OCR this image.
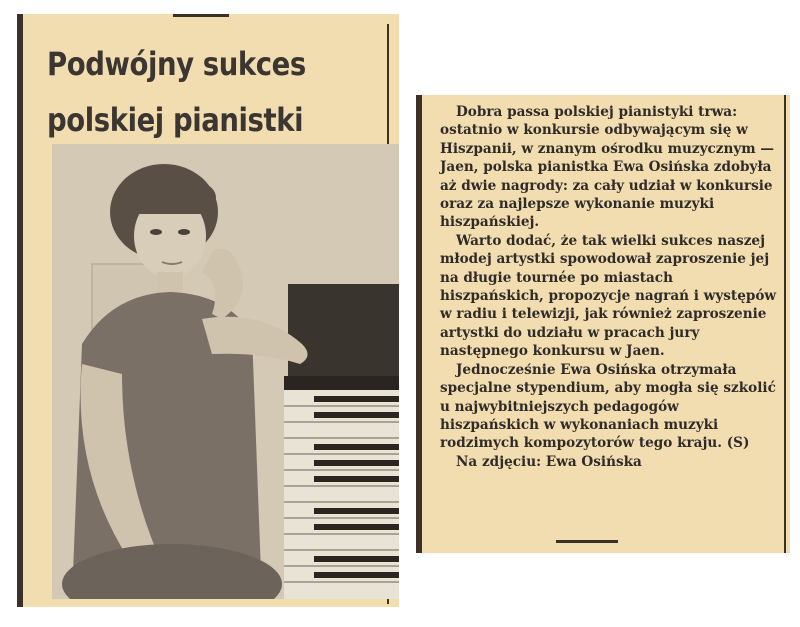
Podwójny sukces
polskiej pianistki	Dobra passa polskiej pianistyki trwa: ostatnio w konkursie odbywającym się w Hiszpanii, w znanym ośrodku muzycznym — Jaen, polska pianistka Ewa Osińska zdobyła aż dwie nagrody: za cały udział w konkursie oraz za najlepsze wykonanie muzyki hiszpańskiej.

Warto dodać, że tak wielki sukces naszej młodej artystki spowodował zaproszenie jej na długie tournée po miastach hiszpańskich, propozycje nagrań i występów w radiu i telewizji, jak również zaproszenie artystki do udziału w pracach jury następnego konkursu w Jaen.

Jednocześnie Ewa Osińska otrzymała specjalne stypendium, aby mogła się szkolić u najwybitniejszych pedagogów hiszpańskich w wykonaniach muzyki rodzimych kompozytorów tego kraju. (S)

Na zdjęciu: Ewa Osińska
